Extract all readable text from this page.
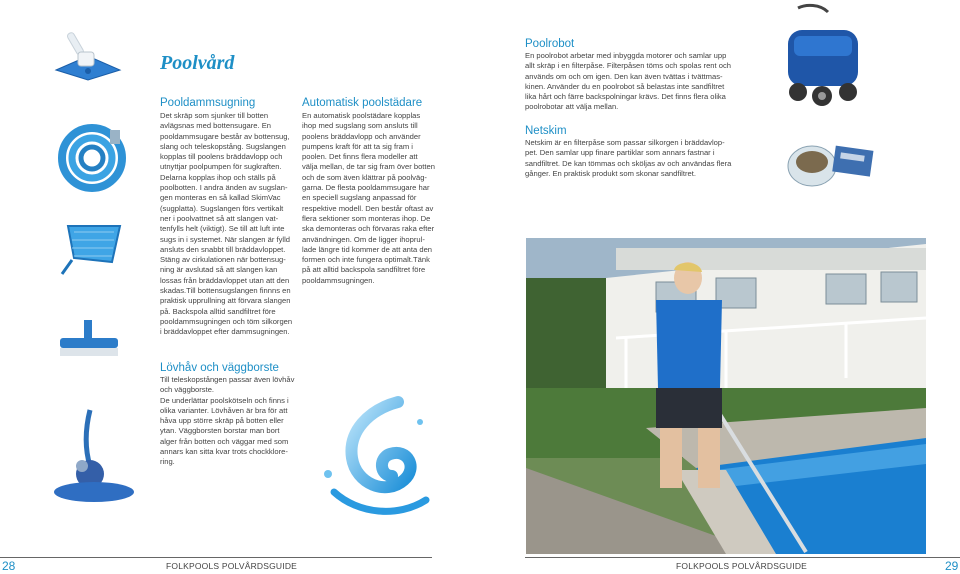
Poolvård
Pooldammsugning
Det skräp som sjunker till botten
avlägsnas med bottensugare. En
pooldammsugare består av bottensug,
slang och teleskopstång. Sugslangen
kopplas till poolens bräddavlopp och
utnyttjar poolpumpen för sugkraften.
Delarna kopplas ihop och ställs på
poolbotten. I andra änden av sugslan-
gen monteras en så kallad SkimVac
(sugplatta). Sugslangen förs vertikalt
ner i poolvattnet så att slangen vat-
tenfylls helt (viktigt). Se till att luft inte
sugs in i systemet. När slangen är fylld
ansluts den snabbt till bräddavloppet.
Stäng av cirkulationen när bottensug-
ning är avslutad så att slangen kan
lossas från bräddavloppet utan att den
skadas.Till bottensugslangen finnns en
praktisk upprullning att förvara slangen
på. Backspola alltid sandfiltret före
pooldammsugningen och töm silkorgen
i bräddavloppet efter dammsugningen.
Lövhåv och väggborste
Till teleskopstången passar även lövhåv
och väggborste.
De underlättar poolskötseln och finns i
olika varianter. Lövhåven är bra för att
håva upp större skräp på botten eller
ytan. Väggborsten borstar man bort
alger från botten och väggar med som
annars kan sitta kvar trots chockklore-
ring.
Automatisk poolstädare
En automatisk poolstädare kopplas
ihop med sugslang som ansluts till
poolens bräddavlopp och använder
pumpens kraft för att ta sig fram i
poolen. Det finns flera modeller att
välja mellan, de tar sig fram över botten
och de som även klättrar på poolväg-
garna. De flesta pooldammsugare har
en speciell sugslang anpassad för
respektive modell. Den består oftast av
flera sektioner som monteras ihop. De
ska demonteras och förvaras raka efter
användningen. Om de ligger ihoprul-
lade längre tid kommer de att anta den
formen och inte fungera optimalt.Tänk
på att alltid backspola sandfiltret före
pooldammsugningen.
Poolrobot
En poolrobot arbetar med inbyggda motorer och samlar upp
allt skräp i en filterpåse. Filterpåsen töms och spolas rent och
används om och om igen. Den kan även tvättas i tvättmas-
kinen. Använder du en poolrobot så belastas inte sandfiltret
lika hårt och färre backspolningar krävs. Det finns flera olika
poolrobotar att välja mellan.
Netskim
Netskim är en filterpåse som passar silkorgen i bräddavlop-
pet. Den samlar upp finare partiklar som annars fastnar i
sandfiltret. De kan tömmas och sköljas av och användas flera
gånger. En praktisk produkt som skonar sandfiltret.
28	FOLKPOOLS POLVÅRDSGUIDE	FOLKPOOLS POLVÅRDSGUIDE	29
